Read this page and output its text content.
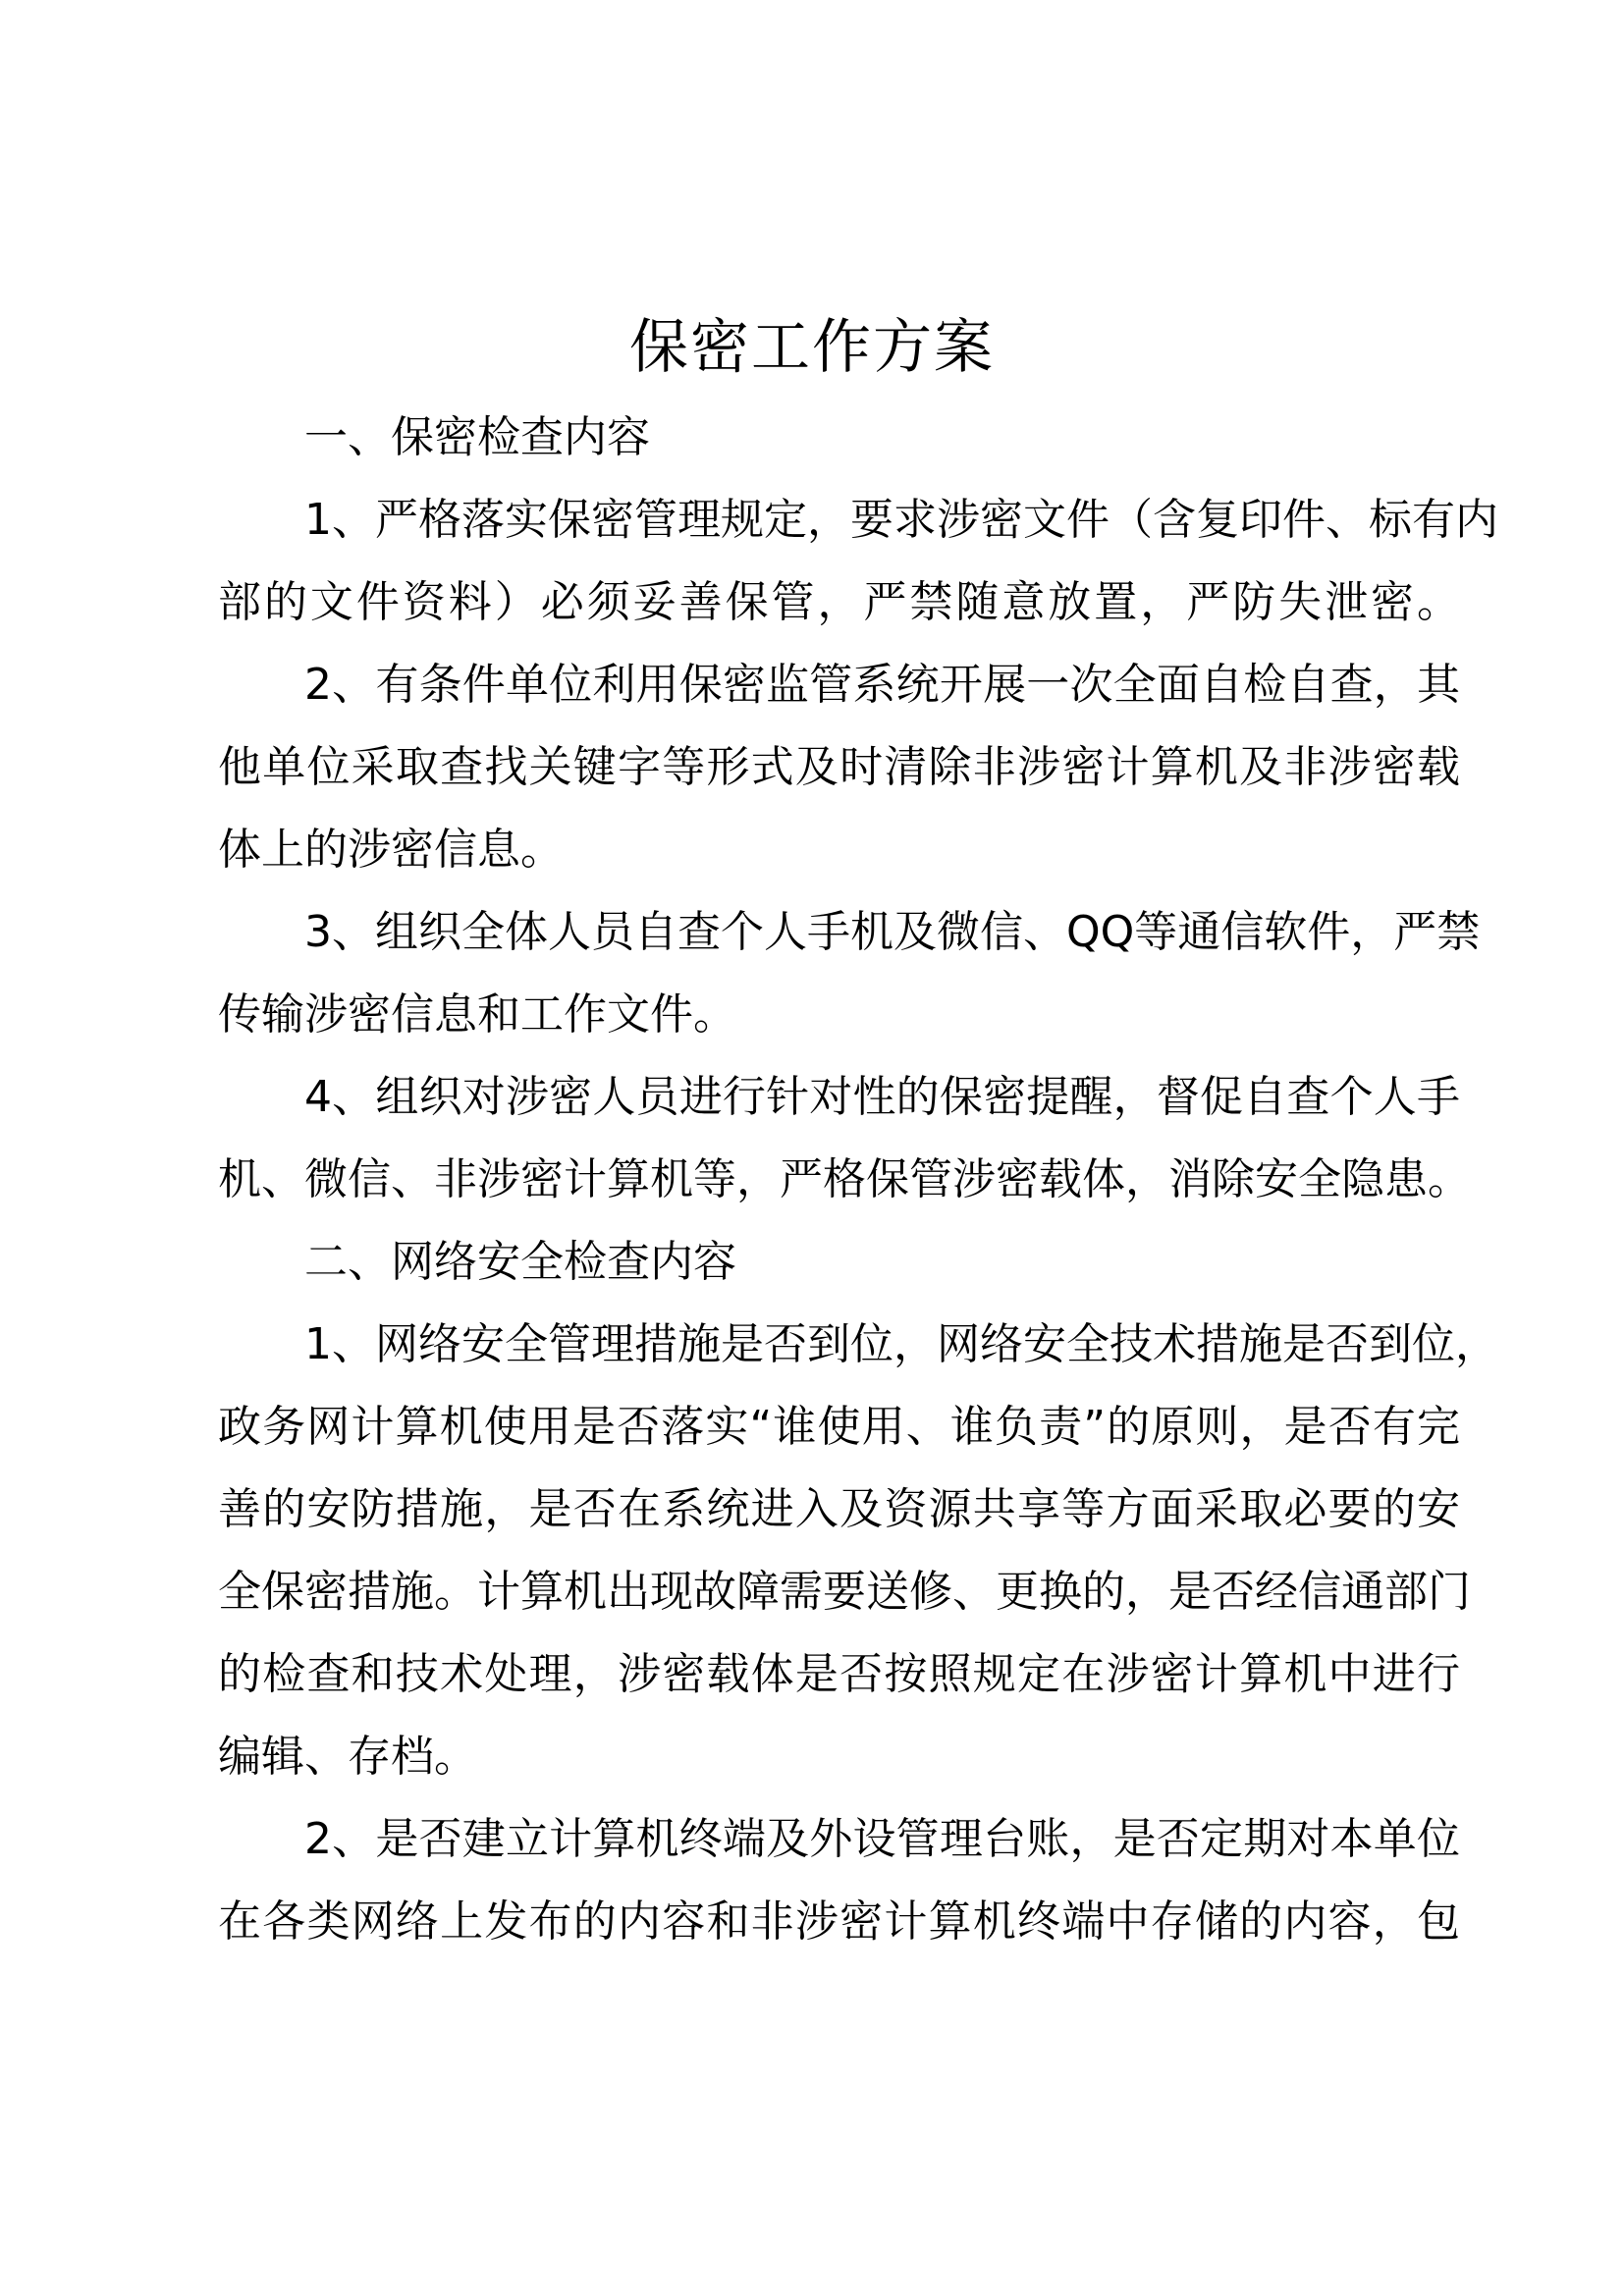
保密工作方案
一、保密检查内容
1、严格落实保密管理规定，要求涉密文件（含复印件、标有内
部的文件资料）必须妥善保管，严禁随意放置，严防失泄密。
2、有条件单位利用保密监管系统开展一次全面自检自查，其
他单位采取查找关键字等形式及时清除非涉密计算机及非涉密载
体上的涉密信息。
3、组织全体人员自查个人手机及微信、QQ等通信软件，严禁
传输涉密信息和工作文件。
4、组织对涉密人员进行针对性的保密提醒，督促自查个人手
机、微信、非涉密计算机等，严格保管涉密载体，消除安全隐患。
二、网络安全检查内容
1、网络安全管理措施是否到位，网络安全技术措施是否到位，
政务网计算机使用是否落实“谁使用、谁负责”的原则，是否有完
善的安防措施，是否在系统进入及资源共享等方面采取必要的安
全保密措施。计算机出现故障需要送修、更换的，是否经信通部门
的检查和技术处理，涉密载体是否按照规定在涉密计算机中进行
编辑、存档。
2、是否建立计算机终端及外设管理台账，是否定期对本单位
在各类网络上发布的内容和非涉密计算机终端中存储的内容，包
